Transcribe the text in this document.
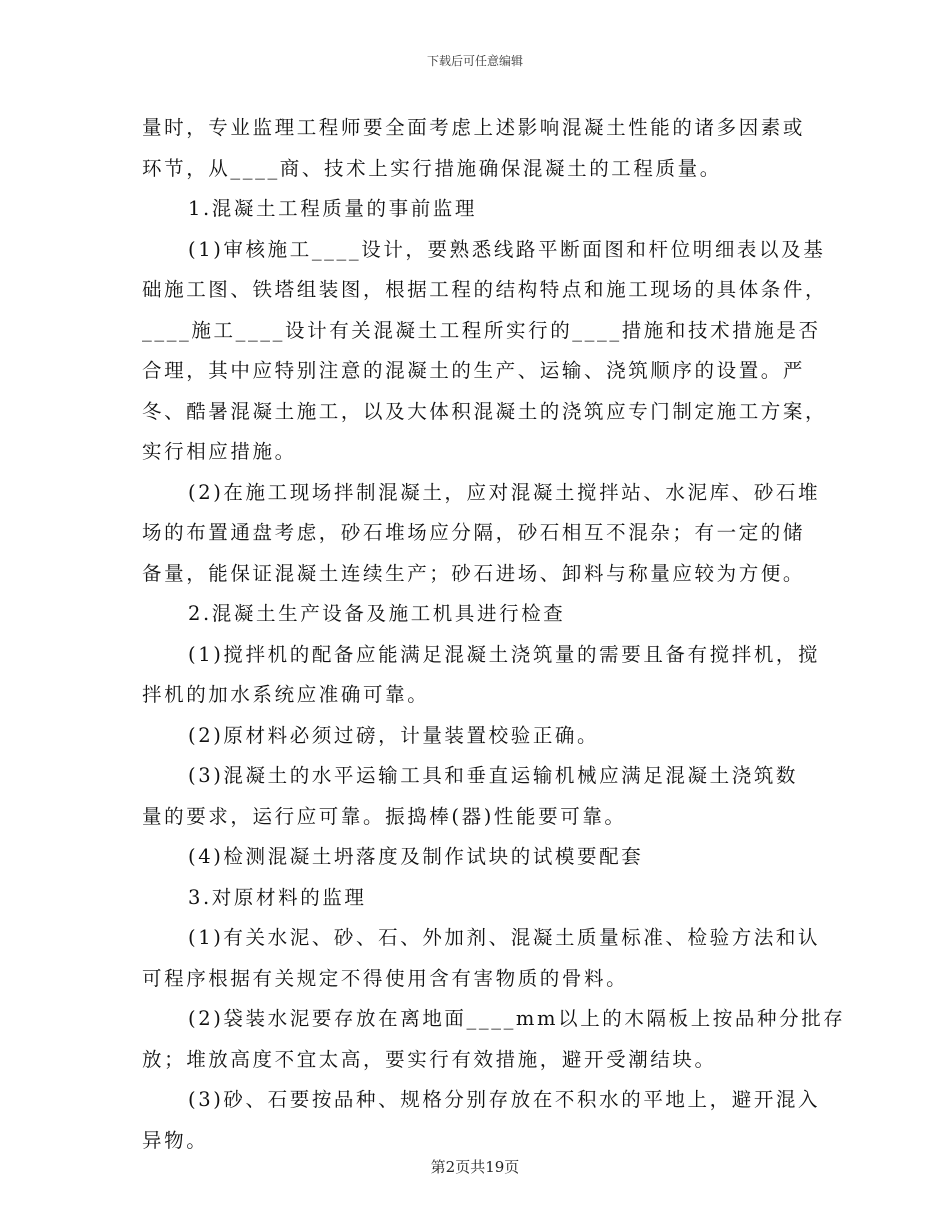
下载后可任意编辑
量时，专业监理工程师要全面考虑上述影响混凝土性能的诸多因素或
环节，从____商、技术上实行措施确保混凝土的工程质量。
1.混凝土工程质量的事前监理
(1)审核施工____设计，要熟悉线路平断面图和杆位明细表以及基
础施工图、铁塔组装图，根据工程的结构特点和施工现场的具体条件，
____施工____设计有关混凝土工程所实行的____措施和技术措施是否
合理，其中应特别注意的混凝土的生产、运输、浇筑顺序的设置。严
冬、酷暑混凝土施工，以及大体积混凝土的浇筑应专门制定施工方案，
实行相应措施。
(2)在施工现场拌制混凝土，应对混凝土搅拌站、水泥库、砂石堆
场的布置通盘考虑，砂石堆场应分隔，砂石相互不混杂；有一定的储
备量，能保证混凝土连续生产；砂石进场、卸料与称量应较为方便。
2.混凝土生产设备及施工机具进行检查
(1)搅拌机的配备应能满足混凝土浇筑量的需要且备有搅拌机，搅
拌机的加水系统应准确可靠。
(2)原材料必须过磅，计量装置校验正确。
(3)混凝土的水平运输工具和垂直运输机械应满足混凝土浇筑数
量的要求，运行应可靠。振捣棒(器)性能要可靠。
(4)检测混凝土坍落度及制作试块的试模要配套
3.对原材料的监理
(1)有关水泥、砂、石、外加剂、混凝土质量标准、检验方法和认
可程序根据有关规定不得使用含有害物质的骨料。
(2)袋装水泥要存放在离地面____mm以上的木隔板上按品种分批存
放；堆放高度不宜太高，要实行有效措施，避开受潮结块。
(3)砂、石要按品种、规格分别存放在不积水的平地上，避开混入
异物。
第2页共19页
